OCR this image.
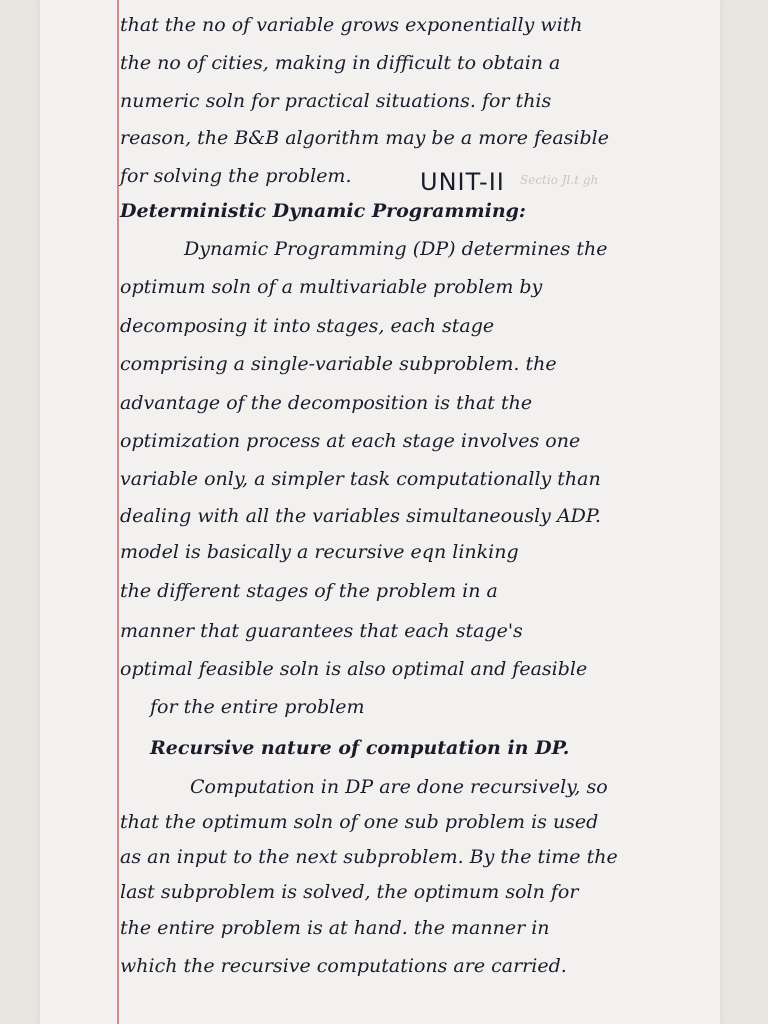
that the no of variable grows exponentially with
the no of cities, making in difficult to obtain a
numeric soln for practical situations. for this
reason, the B&B algorithm may be a more feasible
for solving the problem.	UNIT-II Sectio Jl.t gh
Deterministic Dynamic Programming:
Dynamic Programming (DP) determines the
optimum soln of a multivariable problem by
decomposing it into stages, each stage
comprising a single-variable subproblem. the
advantage of the decomposition is that the
optimization process at each stage involves one
variable only, a simpler task computationally than
dealing with all the variables simultaneously ADP.
model is basically a recursive eqn linking
the different stages of the problem in a
manner that guarantees that each stage's
optimal feasible soln is also optimal and feasible
for the entire problem
Recursive nature of computation in DP.
Computation in DP are done recursively, so
that the optimum soln of one sub problem is used
as an input to the next subproblem. By the time the
last subproblem is solved, the optimum soln for
the entire problem is at hand. the manner in
which the recursive computations are carried.
